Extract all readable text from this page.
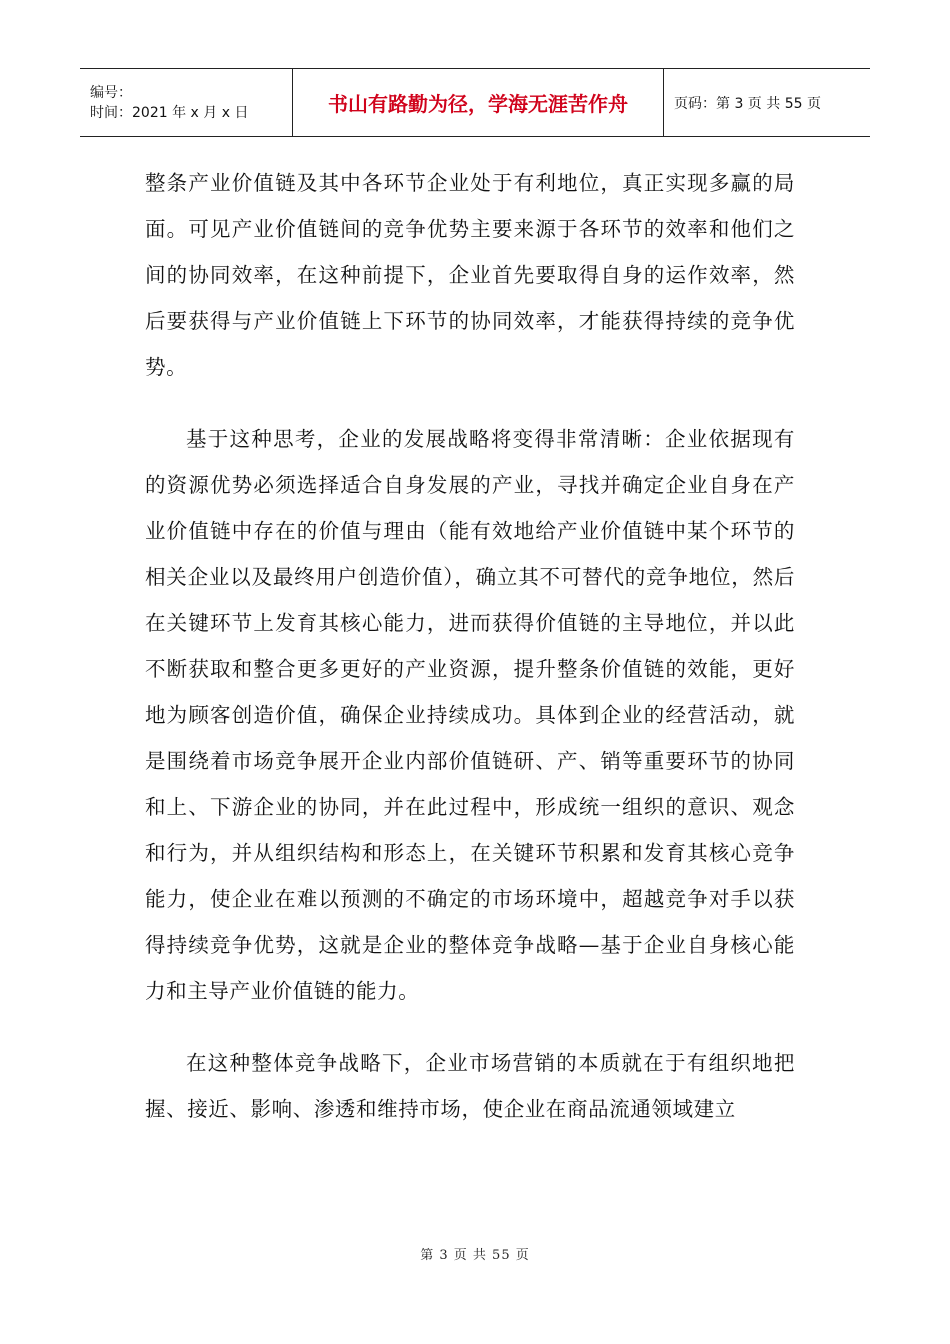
编号：
时间：2021 年 x 月 x 日	书山有路勤为径，学海无涯苦作舟	页码：第 3 页 共 55 页

整条产业价值链及其中各环节企业处于有利地位，真正实现多赢的局面。可见产业价值链间的竞争优势主要来源于各环节的效率和他们之间的协同效率，在这种前提下，企业首先要取得自身的运作效率，然后要获得与产业价值链上下环节的协同效率，才能获得持续的竞争优势。

基于这种思考，企业的发展战略将变得非常清晰：企业依据现有的资源优势必须选择适合自身发展的产业，寻找并确定企业自身在产业价值链中存在的价值与理由（能有效地给产业价值链中某个环节的相关企业以及最终用户创造价值），确立其不可替代的竞争地位，然后在关键环节上发育其核心能力，进而获得价值链的主导地位，并以此不断获取和整合更多更好的产业资源，提升整条价值链的效能，更好地为顾客创造价值，确保企业持续成功。具体到企业的经营活动，就是围绕着市场竞争展开企业内部价值链研、产、销等重要环节的协同和上、下游企业的协同，并在此过程中，形成统一组织的意识、观念和行为，并从组织结构和形态上，在关键环节积累和发育其核心竞争能力，使企业在难以预测的不确定的市场环境中，超越竞争对手以获得持续竞争优势，这就是企业的整体竞争战略—基于企业自身核心能力和主导产业价值链的能力。

在这种整体竞争战略下，企业市场营销的本质就在于有组织地把握、接近、影响、渗透和维持市场，使企业在商品流通领域建立

第 3 页 共 55 页
